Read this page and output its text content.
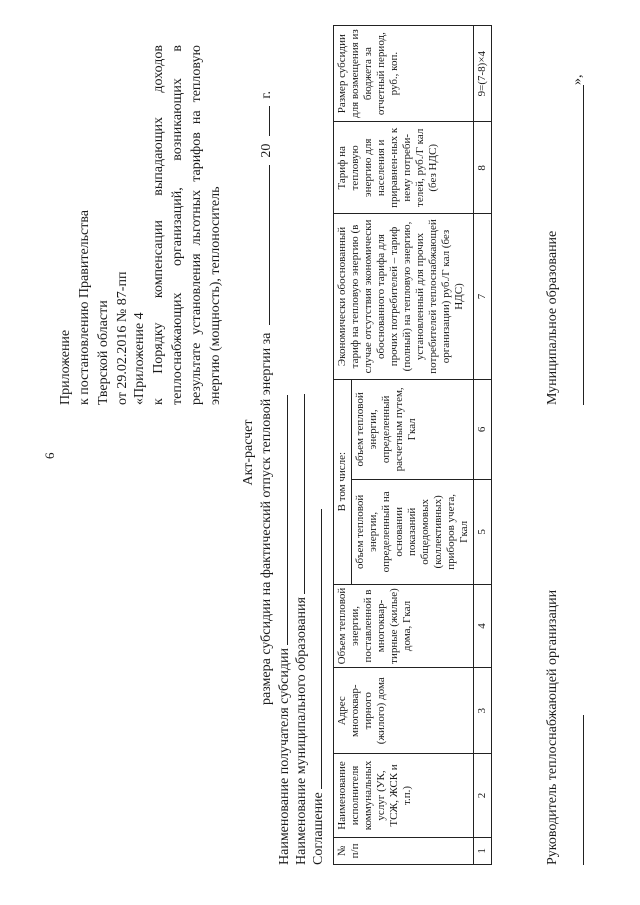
6
Приложение к постановлению Правительства Тверской области от 29.02.2016 № 87-пп «Приложение 4 к Порядку компенсации выпадающих доходов теплоснабжающих организаций, возникающих в результате установления льготных тарифов на тепловую энергию (мощность), теплоноситель
Акт-расчет размера субсидии на фактический отпуск тепловой энергии за  20  г.
Наименование получателя субсидии Наименование муниципального образования Соглашение № п/п	Наименование исполнителя коммунальных услуг (УК, ТСЖ, ЖСК и т.п.)	Адрес многоквар-тирного (жилого) дома	Объем тепловой энергии, поставленной в многоквар-тирные (жилые) дома, Гкал	В том числе:		Экономически обоснованный тариф на тепловую энергию (в случае отсутствия экономически обоснованного тарифа для прочих потребителей – тариф (полный) на тепловую энергию, установленный для прочих потребителей теплоснабжающей организации) руб./Г кал (без НДС)	Тариф на тепловую энергию для населения и приравнен-ных к нему потреби-телей, руб./Г кал (без НДС)	Размер субсидии для возмещения из бюджета за отчетный период, руб., коп.
				объем тепловой энергии, определенный на основании показаний общедомовых (коллективных) приборов учета, Гкал	объем тепловой энергии, определенный расчетным путем, Гкал			
1	2	3	4	5	6	7	8	9=(7-8)×4
Руководитель теплоснабжающей организации
Муниципальное образование
»,
